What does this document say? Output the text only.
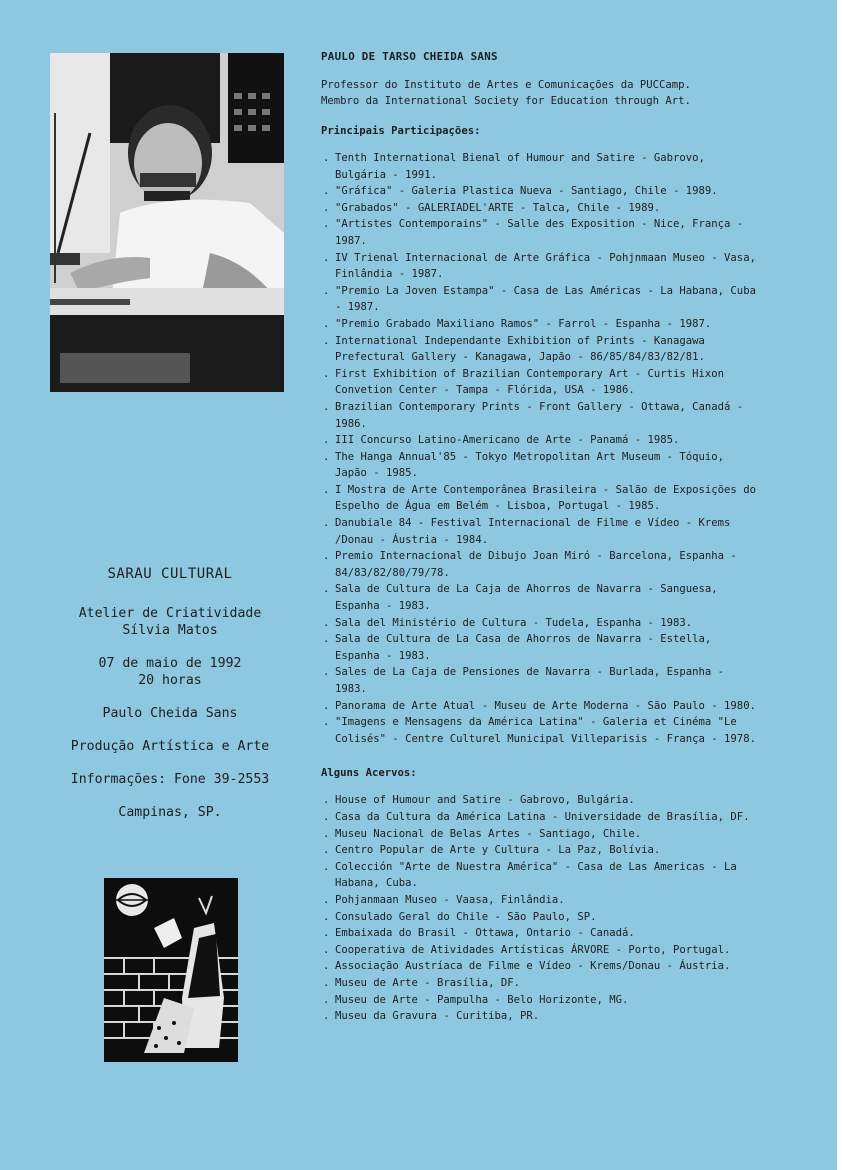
SARAU CULTURAL
Atelier de Criatividade
Sílvia Matos
07 de maio de 1992
20 horas
Paulo Cheida Sans
Produção Artística e Arte
Informações: Fone 39-2553
Campinas, SP.
PAULO DE TARSO CHEIDA SANS
Professor do Instituto de Artes e Comunicações da PUCCamp.
Membro da International Society for Education through Art.
Principais Participações:
. Tenth International Bienal of Humour and Satire - Gabrovo, Bulgária - 1991.
. "Gráfica" - Galeria Plastica Nueva - Santiago, Chile - 1989.
. "Grabados" - GALERIADEL'ARTE - Talca, Chile - 1989.
. "Artistes Contemporains" - Salle des Exposition - Nice, França - 1987.
. IV Trienal Internacional de Arte Gráfica - Pohjnmaan Museo - Vasa, Finlândia - 1987.
. "Premio La Joven Estampa" - Casa de Las Américas - La Habana, Cuba - 1987.
. "Premio Grabado Maxiliano Ramos" - Farrol - Espanha - 1987.
. International Independante Exhibition of Prints - Kanagawa Prefectural Gallery - Kanagawa, Japão - 86/85/84/83/82/81.
. First Exhibition of Brazilian Contemporary Art - Curtis Hixon Convetion Center - Tampa - Flórida, USA - 1986.
. Brazilian Contemporary Prints - Front Gallery - Ottawa, Canadá - 1986.
. III Concurso Latino-Americano de Arte - Panamá - 1985.
. The Hanga Annual'85 - Tokyo Metropolitan Art Museum - Tóquio, Japão - 1985.
. I Mostra de Arte Contemporânea Brasileira - Salão de Exposições do Espelho de Água em Belém - Lisboa, Portugal - 1985.
. Danubiale 84 - Festival Internacional de Filme e Vídeo - Krems /Donau - Áustria - 1984.
. Premio Internacional de Dibujo Joan Miró - Barcelona, Espanha - 84/83/82/80/79/78.
. Sala de Cultura de La Caja de Ahorros de Navarra - Sanguesa, Espanha - 1983.
. Sala del Ministério de Cultura - Tudela, Espanha - 1983.
. Sala de Cultura de La Casa de Ahorros de Navarra - Estella, Espanha - 1983.
. Sales de La Caja de Pensiones de Navarra - Burlada, Espanha - 1983.
. Panorama de Arte Atual - Museu de Arte Moderna - São Paulo - 1980.
. "Imagens e Mensagens da América Latina" - Galeria et Cinéma "Le Colisés" - Centre Culturel Municipal Villeparisis - França - 1978.
Alguns Acervos:
. House of Humour and Satire - Gabrovo, Bulgária.
. Casa da Cultura da América Latina - Universidade de Brasília, DF.
. Museu Nacional de Belas Artes - Santiago, Chile.
. Centro Popular de Arte y Cultura - La Paz, Bolívia.
. Colección "Arte de Nuestra América" - Casa de Las Americas - La Habana, Cuba.
. Pohjanmaan Museo - Vaasa, Finlândia.
. Consulado Geral do Chile - São Paulo, SP.
. Embaixada do Brasil - Ottawa, Ontario - Canadá.
. Cooperativa de Atividades Artísticas ÁRVORE - Porto, Portugal.
. Associação Austríaca de Filme e Vídeo - Krems/Donau - Áustria.
. Museu de Arte - Brasília, DF.
. Museu de Arte - Pampulha - Belo Horizonte, MG.
. Museu da Gravura - Curitiba, PR.
